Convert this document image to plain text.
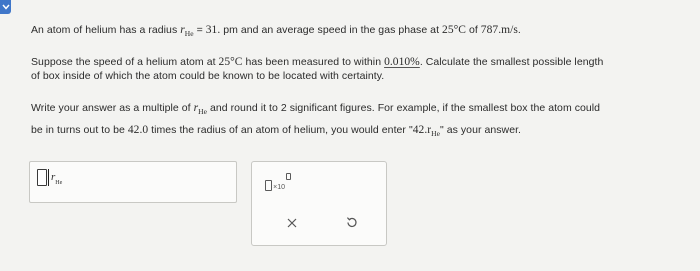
An atom of helium has a radius $r_{He} = 31$. pm and an average speed in the gas phase at 25°C of 787.m/s.
Suppose the speed of a helium atom at 25°C has been measured to within 0.010%. Calculate the smallest possible length
of box inside of which the atom could be known to be located with certainty.
Write your answer as a multiple of $r_{He}$ and round it to 2 significant figures. For example, if the smallest box the atom could
be in turns out to be 42.0 times the radius of an atom of helium, you would enter "$42.r_{He}$" as your answer.
$r_{He}$
×10
